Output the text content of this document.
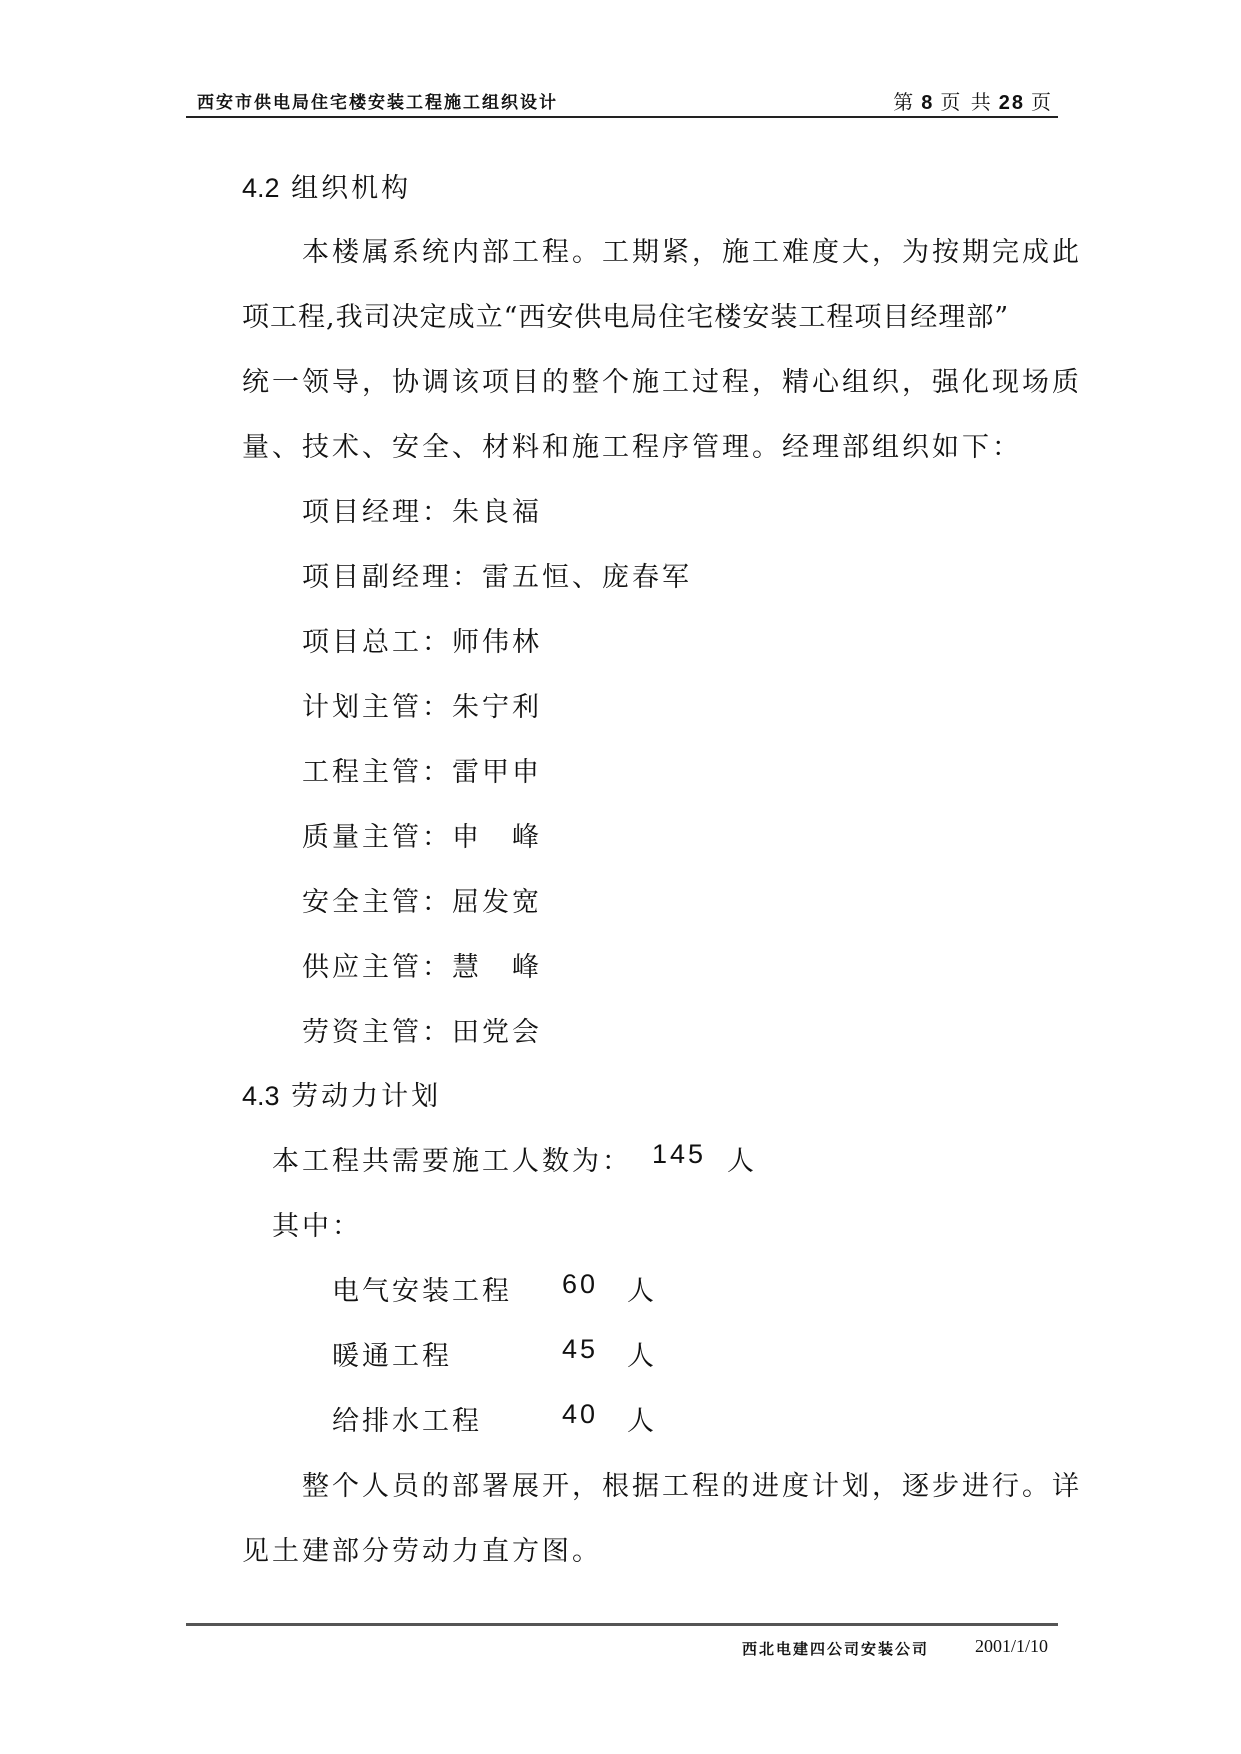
西安市供电局住宅楼安装工程施工组织设计	第 8 页 共 28 页
4.2 组织机构
本楼属系统内部工程。工期紧，施工难度大，为按期完成此
项工程,我司决定成立“西安供电局住宅楼安装工程项目经理部”
统一领导，协调该项目的整个施工过程，精心组织，强化现场质
量、技术、安全、材料和施工程序管理。经理部组织如下：
项目经理：朱良福
项目副经理：雷五恒、庞春军
项目总工：师伟林
计划主管：朱宁利
工程主管：雷甲申
质量主管：申　峰
安全主管：屈发宽
供应主管：慧　峰
劳资主管：田党会
4.3 劳动力计划
本工程共需要施工人数为： 145 人
其中：
电气安装工程 60 人
暖通工程	45 人
给排水工程	40 人
整个人员的部署展开，根据工程的进度计划，逐步进行。详
见土建部分劳动力直方图。
西北电建四公司安装公司	2001/1/10
